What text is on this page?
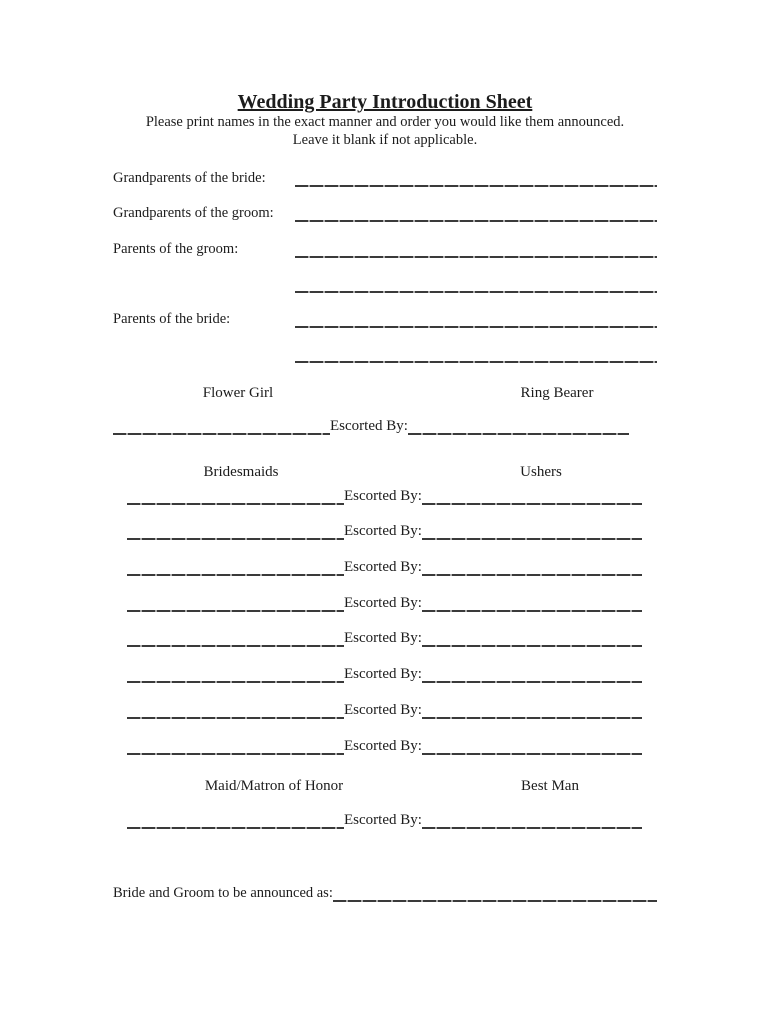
Wedding Party Introduction Sheet

Please print names in the exact manner and order you would like them announced.

Leave it blank if not applicable.

Grandparents of the bride:
Grandparents of the groom:
Parents of the groom:
Parents of the bride:
Flower Girl	Ring Bearer
Escorted By:
Bridesmaids	Ushers
Escorted By:
Escorted By:
Escorted By:
Escorted By:
Escorted By:
Escorted By:
Escorted By:
Escorted By:
Maid/Matron of Honor	Best Man
Escorted By:
Bride and Groom to be announced as:
